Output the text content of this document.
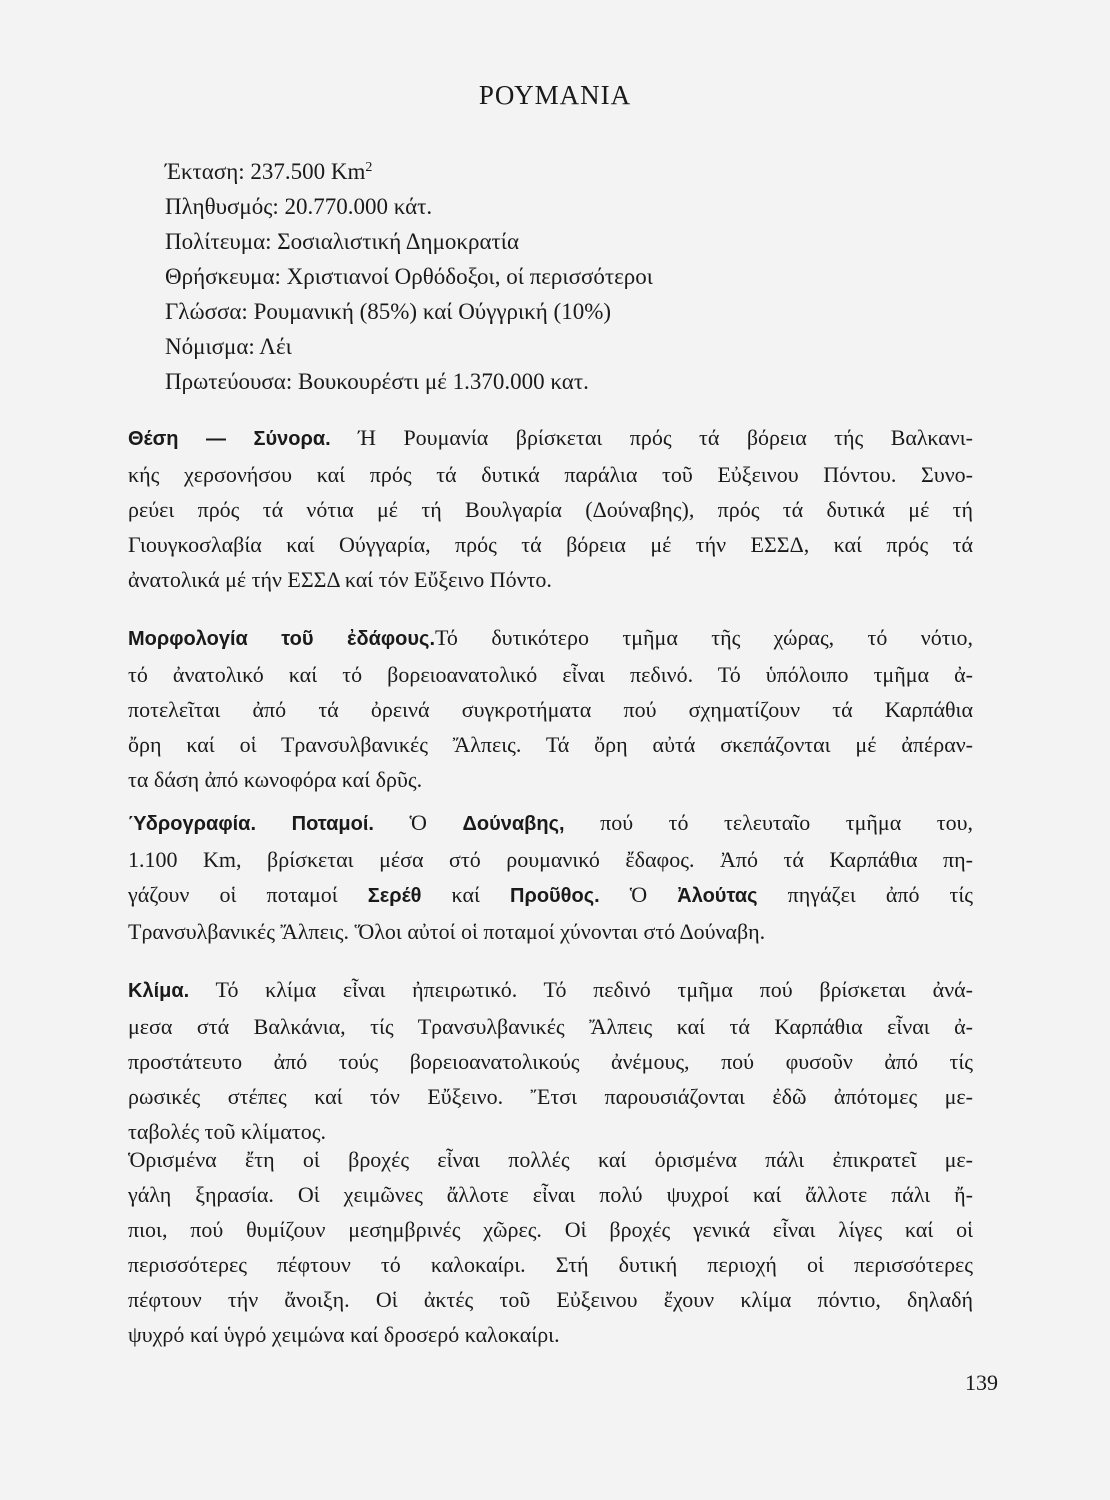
ΡΟΥΜΑΝΙΑ
Έκταση: 237.500 Km$^2$
Πληθυσμός: 20.770.000 κάτ.
Πολίτευμα: Σοσιαλιστική Δημοκρατία
Θρήσκευμα: Χριστιανοί Ορθόδοξοι, οί περισσότεροι
Γλώσσα: Ρουμανική (85%) καί Ούγγρική (10%)
Νόμισμα: Λέι
Πρωτεύουσα: Βουκουρέστι μέ 1.370.000 κατ.
Θέση — Σύνορα. Ή Ρουμανία βρίσκεται πρός τά βόρεια τής Βαλκανι-
κής χερσονήσου καί πρός τά δυτικά παράλια τοῦ Εὐξεινου Πόντου. Συνο-
ρεύει πρός τά νότια μέ τή Βουλγαρία (Δούναβης), πρός τά δυτικά μέ τή
Γιουγκοσλαβία καί Ούγγαρία, πρός τά βόρεια μέ τήν ΕΣΣΔ, καί πρός τά
ἀνατολικά μέ τήν ΕΣΣΔ καί τόν Εὔξεινο Πόντο.
Μορφολογία τοῦ ἐδάφους.Τό δυτικότερο τμῆμα τῆς χώρας, τό νότιο,
τό ἀνατολικό καί τό βορειοανατολικό εἶναι πεδινό. Τό ὑπόλοιπο τμῆμα ἀ-
ποτελεῖται ἀπό τά ὀρεινά συγκροτήματα πού σχηματίζουν τά Καρπάθια
ὄρη καί οἱ Τρανσυλβανικές Ἄλπεις. Τά ὄρη αὐτά σκεπάζονται μέ ἀπέραν-
τα δάση ἀπό κωνοφόρα καί δρῦς.
Ύδρογραφία. Ποταμοί. Ὁ Δούναβης, πού τό τελευταῖο τμῆμα του,
1.100 Km, βρίσκεται μέσα στό ρουμανικό ἔδαφος. Ἀπό τά Καρπάθια πη-
γάζουν οἱ ποταμοί Σερέθ καί Προῦθος. Ὁ Ἀλούτας πηγάζει ἀπό τίς
Τρανσυλβανικές Ἄλπεις. Ὅλοι αὐτοί οἱ ποταμοί χύνονται στό Δούναβη.
Κλίμα. Τό κλίμα εἶναι ἠπειρωτικό. Τό πεδινό τμῆμα πού βρίσκεται ἀνά-
μεσα στά Βαλκάνια, τίς Τρανσυλβανικές Ἄλπεις καί τά Καρπάθια εἶναι ἀ-
προστάτευτο ἀπό τούς βορειοανατολικούς ἀνέμους, πού φυσοῦν ἀπό τίς
ρωσικές στέπες καί τόν Εὔξεινο. Ἔτσι παρουσιάζονται ἐδῶ ἀπότομες με-
ταβολές τοῦ κλίματος.
Ὁρισμένα ἔτη οἱ βροχές εἶναι πολλές καί ὁρισμένα πάλι ἐπικρατεῖ με-
γάλη ξηρασία. Οἱ χειμῶνες ἄλλοτε εἶναι πολύ ψυχροί καί ἄλλοτε πάλι ἤ-
πιοι, πού θυμίζουν μεσημβρινές χῶρες. Οἱ βροχές γενικά εἶναι λίγες καί οἱ
περισσότερες πέφτουν τό καλοκαίρι. Στή δυτική περιοχή οἱ περισσότερες
πέφτουν τήν ἄνοιξη. Οἱ ἀκτές τοῦ Εὐξεινου ἔχουν κλίμα πόντιο, δηλαδή
ψυχρό καί ὑγρό χειμώνα καί δροσερό καλοκαίρι.
139
